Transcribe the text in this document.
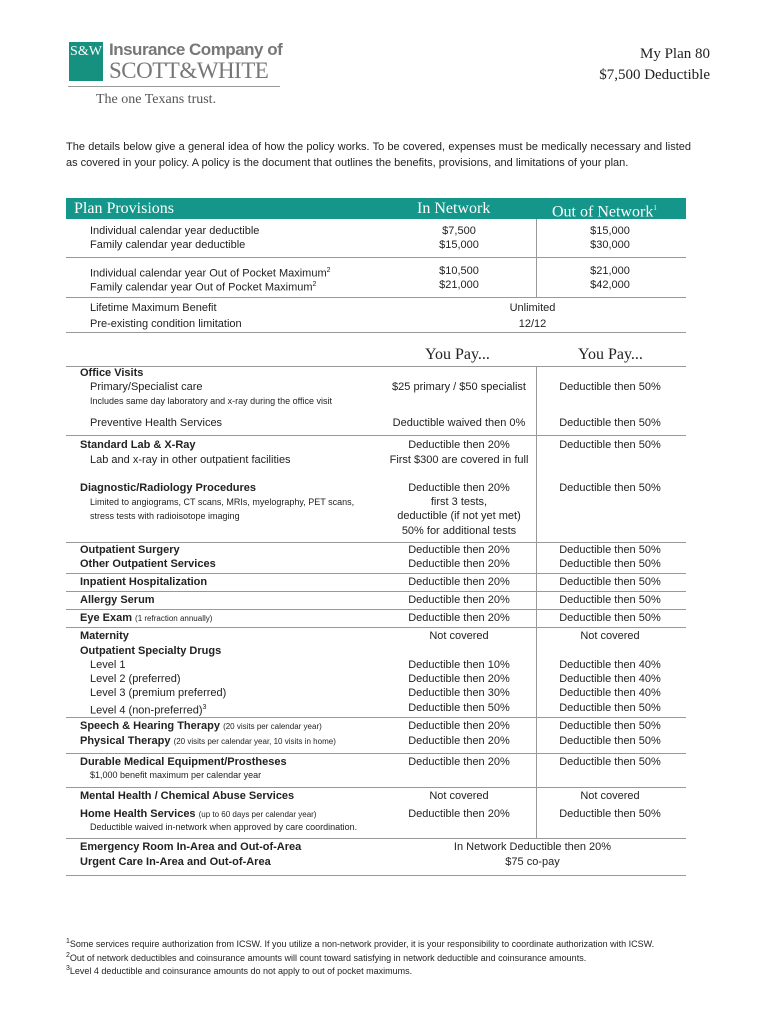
S&W Insurance Company of
SCOTT&WHITE
The one Texans trust.
My Plan 80
$7,500 Deductible
The details below give a general idea of how the policy works. To be covered, expenses must be medically necessary and listed as covered in your policy. A policy is the document that outlines the benefits, provisions, and limitations of your plan.
Plan Provisions	In Network	Out of Network$^1$
Individual calendar year deductible	$7,500	$15,000
Family calendar year deductible	$15,000	$30,000
Individual calendar year Out of Pocket Maximum$^2$	$10,500	$21,000
Family calendar year Out of Pocket Maximum$^2$	$21,000	$42,000
Lifetime Maximum Benefit	Unlimited
Pre-existing condition limitation	12/12
You Pay...	You Pay...
Office Visits
Primary/Specialist care	$25 primary / $50 specialist	Deductible then 50%
Includes same day laboratory and x-ray during the office visit
Preventive Health Services	Deductible waived then 0%	Deductible then 50%
Standard Lab & X-Ray	Deductible then 20%	Deductible then 50%
Lab and x-ray in other outpatient facilities	First $300 are covered in full
Diagnostic/Radiology Procedures	Deductible then 20%	Deductible then 50%
Limited to angiograms, CT scans, MRIs, myelography, PET scans,	first 3 tests,
stress tests with radioisotope imaging	deductible (if not yet met)
50% for additional tests
Outpatient Surgery	Deductible then 20%	Deductible then 50%
Other Outpatient Services	Deductible then 20%	Deductible then 50%
Inpatient Hospitalization	Deductible then 20%	Deductible then 50%
Allergy Serum	Deductible then 20%	Deductible then 50%
Eye Exam (1 refraction annually)	Deductible then 20%	Deductible then 50%
Maternity	Not covered	Not covered
Outpatient Specialty Drugs
Level 1	Deductible then 10%	Deductible then 40%
Level 2 (preferred)	Deductible then 20%	Deductible then 40%
Level 3 (premium preferred)	Deductible then 30%	Deductible then 40%
Level 4 (non-preferred)$^3$	Deductible then 50%	Deductible then 50%
Speech & Hearing Therapy (20 visits per calendar year)	Deductible then 20%	Deductible then 50%
Physical Therapy (20 visits per calendar year, 10 visits in home)	Deductible then 20%	Deductible then 50%
Durable Medical Equipment/Prostheses	Deductible then 20%	Deductible then 50%
$1,000 benefit maximum per calendar year
Mental Health / Chemical Abuse Services	Not covered	Not covered
Home Health Services (up to 60 days per calendar year)	Deductible then 20%	Deductible then 50%
Deductible waived in-network when approved by care coordination.
Emergency Room In-Area and Out-of-Area	In Network Deductible then 20%
Urgent Care In-Area and Out-of-Area	$75 co-pay
$^1$Some services require authorization from ICSW. If you utilize a non-network provider, it is your responsibility to coordinate authorization with ICSW.
$^2$Out of network deductibles and coinsurance amounts will count toward satisfying in network deductible and coinsurance amounts.
$^3$Level 4 deductible and coinsurance amounts do not apply to out of pocket maximums.
